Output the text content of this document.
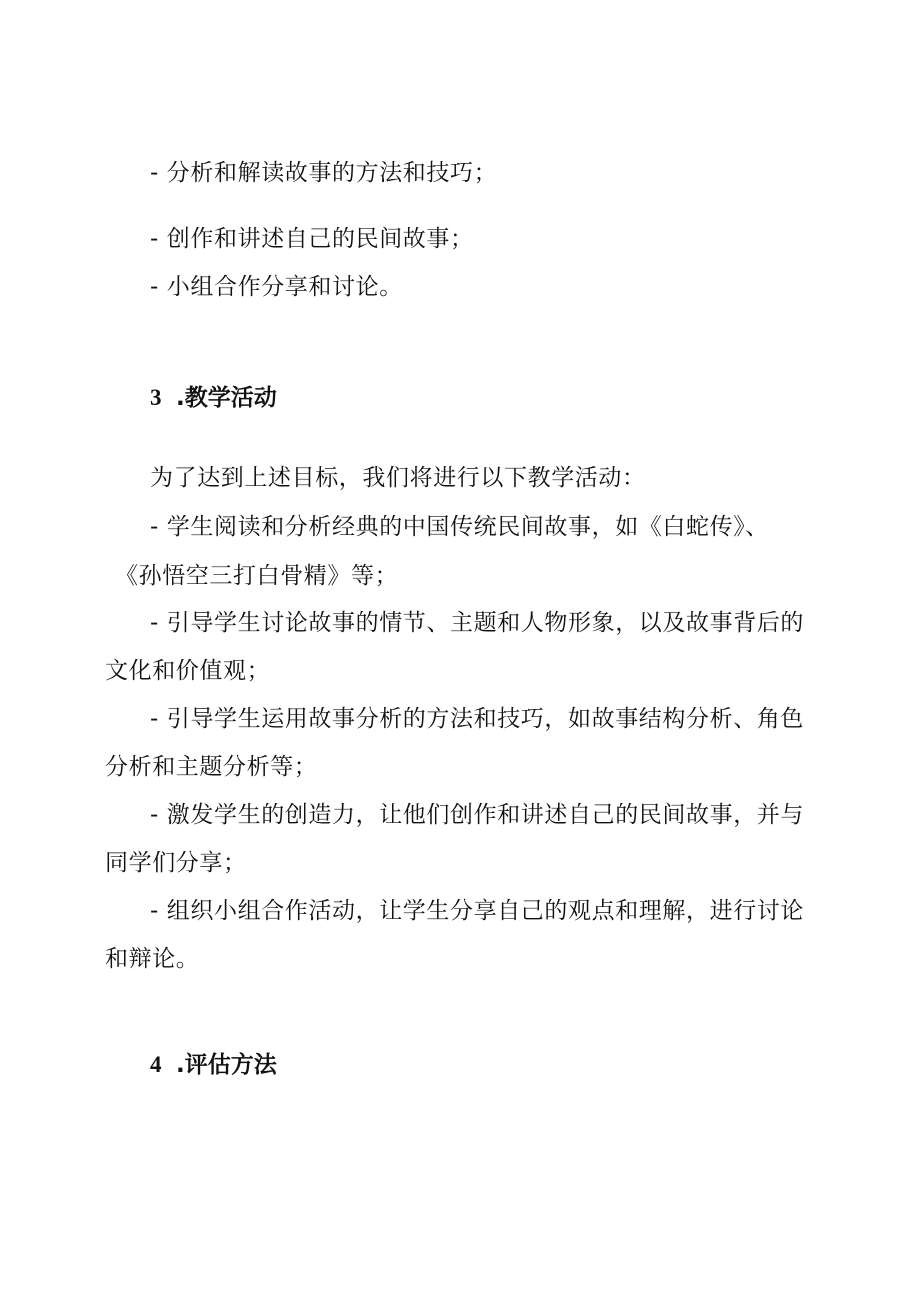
- 分析和解读故事的方法和技巧；
- 创作和讲述自己的民间故事；
- 小组合作分享和讨论。
3 .教学活动
为了达到上述目标，我们将进行以下教学活动：
- 学生阅读和分析经典的中国传统民间故事，如《白蛇传》、
《孙悟空三打白骨精》等；
- 引导学生讨论故事的情节、主题和人物形象，以及故事背后的
文化和价值观；
- 引导学生运用故事分析的方法和技巧，如故事结构分析、角色
分析和主题分析等；
- 激发学生的创造力，让他们创作和讲述自己的民间故事，并与
同学们分享；
- 组织小组合作活动，让学生分享自己的观点和理解，进行讨论
和辩论。
4 .评估方法
